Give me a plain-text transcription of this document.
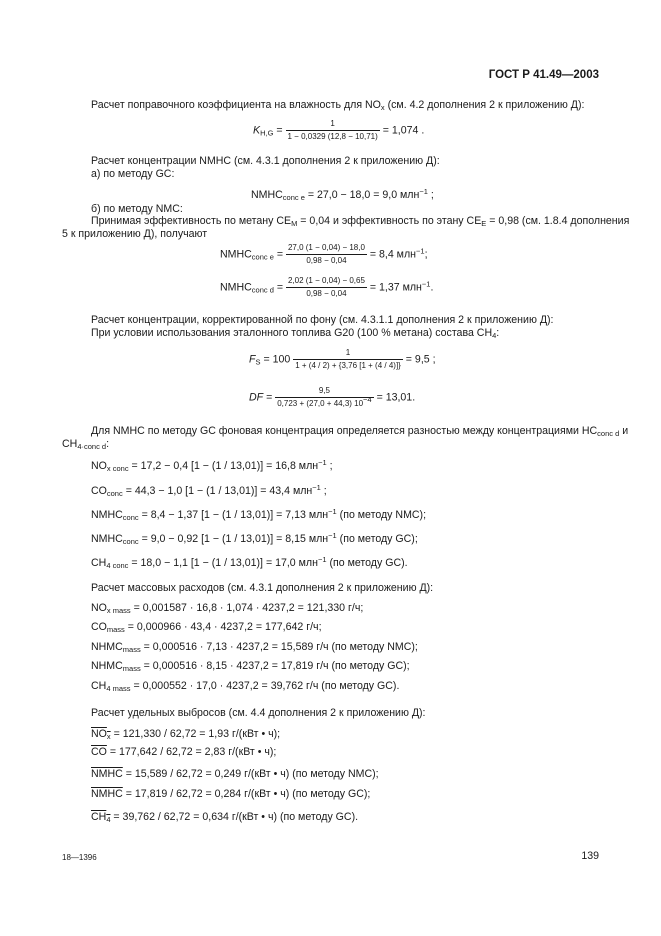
ГОСТ Р 41.49—2003
Расчет поправочного коэффициента на влажность для $NO_x$ (см. 4.2 дополнения 2 к приложению Д):
$K_{H,G} = \frac{1}{1 - 0,0329 (12,8 - 10,71)} = 1,074$ .
Расчет концентрации NMHC (см. 4.3.1 дополнения 2 к приложению Д):
а) по методу GC:
$NMHC_{conc e} = 27,0 - 18,0 = 9,0$ млн$^{-1}$ ;
б) по методу NMC:
Принимая эффективность по метану $CE_M = 0,04$ и эффективность по этану $CE_E = 0,98$ (см. 1.8.4 дополнения
5 к приложению Д), получают
$NMHC_{conc e} = \frac{27,0 (1 - 0,04) - 18,0}{0,98 - 0,04} = 8,4$ млн$^{-1}$;
$NMHC_{conc d} = \frac{2,02 (1 - 0,04) - 0,65}{0,98 - 0,04} = 1,37$ млн$^{-1}$.
Расчет концентрации, корректированной по фону (см. 4.3.1.1 дополнения 2 к приложению Д):
При условии использования эталонного топлива G20 (100 % метана) состава $CH_4$:
$F_S = 100 \frac{1}{1 + (4 / 2) + \{3,76 [1 + (4 / 4)]\}} = 9,5$ ;
DF = $\frac{9,5}{0,723 + (27,0 + 44,3) 10^{-4}} = 13,01$.
Для NMHC по методу GC фоновая концентрация определяется разностью между концентрациями $HC_{conc d}$ и
$CH_{4\cdot conc d}$:
$NO_{x conc} = 17,2 - 0,4$ [1 − (1 / 13,01)] = 16,8 млн$^{-1}$ ;
$CO_{conc} = 44,3 - 1,0$ [1 − (1 / 13,01)] = 43,4 млн$^{-1}$ ;
$NMHC_{conc} = 8,4 - 1,37$ [1 − (1 / 13,01)] = 7,13 млн$^{-1}$ (по методу NMC);
$NMHC_{conc} = 9,0 - 0,92$ [1 − (1 / 13,01)] = 8,15 млн$^{-1}$ (по методу GC);
$CH_{4 conc} = 18,0 - 1,1$ [1 − (1 / 13,01)] = 17,0 млн$^{-1}$ (по методу GC).
Расчет массовых расходов (см. 4.3.1 дополнения 2 к приложению Д):
$NO_{x mass} = 0,001587 \cdot 16,8 \cdot 1,074 \cdot 4237,2 = 121,330$ г/ч;
$CO_{mass} = 0,000966 \cdot 43,4 \cdot 4237,2 = 177,642$ г/ч;
$NHMC_{mass} = 0,000516 \cdot 7,13 \cdot 4237,2 = 15,589$ г/ч (по методу NMC);
$NHMC_{mass} = 0,000516 \cdot 8,15 \cdot 4237,2 = 17,819$ г/ч (по методу GC);
$CH_{4 mass} = 0,000552 \cdot 17,0 \cdot 4237,2 = 39,762$ г/ч (по методу GC).
Расчет удельных выбросов (см. 4.4 дополнения 2 к приложению Д):
$NO_x = 121,330 / 62,72 = 1,93$ г/(кВт • ч);
CO = 177,642 / 62,72 = 2,83 г/(кВт • ч);
NMHC = 15,589 / 62,72 = 0,249 г/(кВт • ч) (по методу NMC);
NMHC = 17,819 / 62,72 = 0,284 г/(кВт • ч) (по методу GC);
$CH_4 = 39,762 / 62,72 = 0,634$ г/(кВт • ч) (по методу GC).
18—1396	139
